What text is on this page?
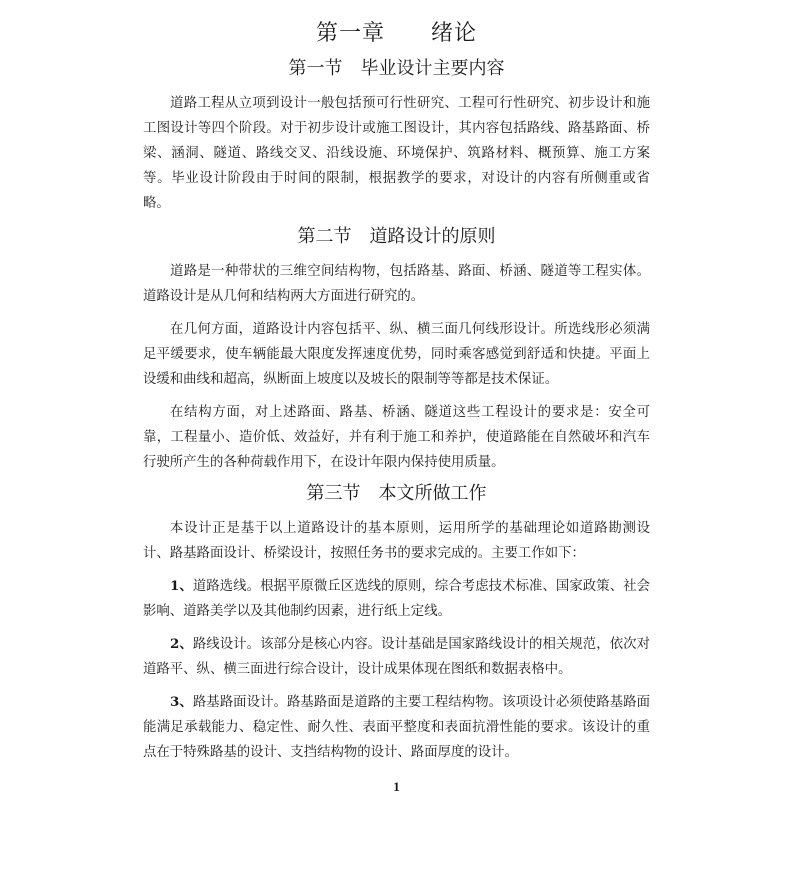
第一章　　绪论
第一节　毕业设计主要内容

道路工程从立项到设计一般包括预可行性研究、工程可行性研究、初步设计和施工图设计等四个阶段。对于初步设计或施工图设计，其内容包括路线、路基路面、桥梁、涵洞、隧道、路线交叉、沿线设施、环境保护、筑路材料、概预算、施工方案等。毕业设计阶段由于时间的限制，根据教学的要求，对设计的内容有所侧重或省略。

第二节　道路设计的原则

道路是一种带状的三维空间结构物，包括路基、路面、桥涵、隧道等工程实体。道路设计是从几何和结构两大方面进行研究的。

在几何方面，道路设计内容包括平、纵、横三面几何线形设计。所选线形必须满足平缓要求，使车辆能最大限度发挥速度优势，同时乘客感觉到舒适和快捷。平面上设缓和曲线和超高，纵断面上坡度以及坡长的限制等等都是技术保证。

在结构方面，对上述路面、路基、桥涵、隧道这些工程设计的要求是：安全可靠，工程量小、造价低、效益好，并有利于施工和养护，使道路能在自然破坏和汽车行驶所产生的各种荷载作用下，在设计年限内保持使用质量。

第三节　本文所做工作

本设计正是基于以上道路设计的基本原则，运用所学的基础理论如道路勘测设计、路基路面设计、桥梁设计，按照任务书的要求完成的。主要工作如下：

1、道路选线。根据平原微丘区选线的原则，综合考虑技术标准、国家政策、社会影响、道路美学以及其他制约因素，进行纸上定线。

2、路线设计。该部分是核心内容。设计基础是国家路线设计的相关规范，依次对道路平、纵、横三面进行综合设计，设计成果体现在图纸和数据表格中。

3、路基路面设计。路基路面是道路的主要工程结构物。该项设计必须使路基路面能满足承载能力、稳定性、耐久性、表面平整度和表面抗滑性能的要求。该设计的重点在于特殊路基的设计、支挡结构物的设计、路面厚度的设计。

1
